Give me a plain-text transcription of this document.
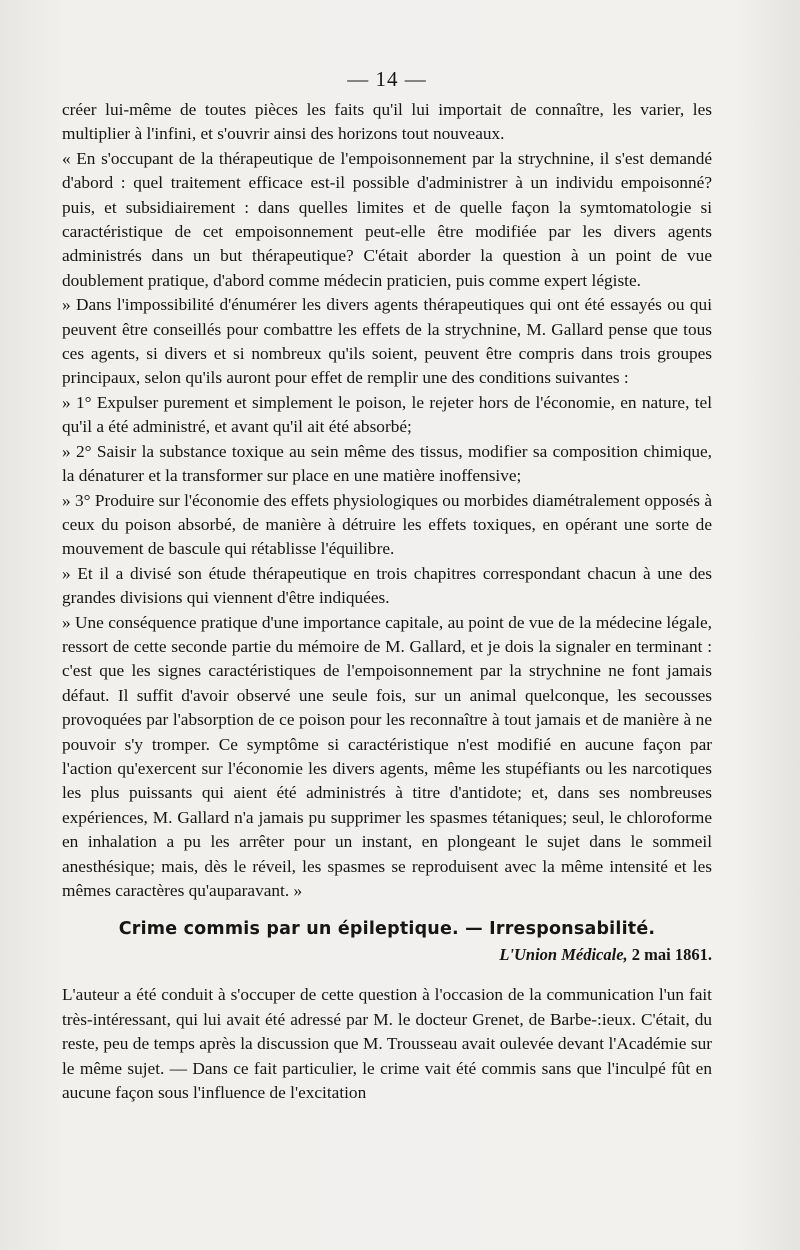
— 14 —

créer lui-même de toutes pièces les faits qu'il lui importait de connaître, les varier, les multiplier à l'infini, et s'ouvrir ainsi des horizons tout nouveaux.

« En s'occupant de la thérapeutique de l'empoisonnement par la strychnine, il s'est demandé d'abord : quel traitement efficace est-il possible d'administrer à un individu empoisonné? puis, et subsidiairement : dans quelles limites et de quelle façon la symtomatologie si caractéristique de cet empoisonnement peut-elle être modifiée par les divers agents administrés dans un but thérapeutique? C'était aborder la question à un point de vue doublement pratique, d'abord comme médecin praticien, puis comme expert légiste.

» Dans l'impossibilité d'énumérer les divers agents thérapeutiques qui ont été essayés ou qui peuvent être conseillés pour combattre les effets de la strychnine, M. Gallard pense que tous ces agents, si divers et si nombreux qu'ils soient, peuvent être compris dans trois groupes principaux, selon qu'ils auront pour effet de remplir une des conditions suivantes :

» 1° Expulser purement et simplement le poison, le rejeter hors de l'économie, en nature, tel qu'il a été administré, et avant qu'il ait été absorbé;

» 2° Saisir la substance toxique au sein même des tissus, modifier sa composition chimique, la dénaturer et la transformer sur place en une matière inoffensive;

» 3° Produire sur l'économie des effets physiologiques ou morbides diamétralement opposés à ceux du poison absorbé, de manière à détruire les effets toxiques, en opérant une sorte de mouvement de bascule qui rétablisse l'équilibre.

» Et il a divisé son étude thérapeutique en trois chapitres correspondant chacun à une des grandes divisions qui viennent d'être indiquées.

» Une conséquence pratique d'une importance capitale, au point de vue de la médecine légale, ressort de cette seconde partie du mémoire de M. Gallard, et je dois la signaler en terminant : c'est que les signes caractéristiques de l'empoisonnement par la strychnine ne font jamais défaut. Il suffit d'avoir observé une seule fois, sur un animal quelconque, les secousses provoquées par l'absorption de ce poison pour les reconnaître à tout jamais et de manière à ne pouvoir s'y tromper. Ce symptôme si caractéristique n'est modifié en aucune façon par l'action qu'exercent sur l'économie les divers agents, même les stupéfiants ou les narcotiques les plus puissants qui aient été administrés à titre d'antidote; et, dans ses nombreuses expériences, M. Gallard n'a jamais pu supprimer les spasmes tétaniques; seul, le chloroforme en inhalation a pu les arrêter pour un instant, en plongeant le sujet dans le sommeil anesthésique; mais, dès le réveil, les spasmes se reproduisent avec la même intensité et les mêmes caractères qu'auparavant. »

Crime commis par un épileptique. — Irresponsabilité.
L'Union Médicale, 2 mai 1861.

L'auteur a été conduit à s'occuper de cette question à l'occasion de la communication l'un fait très-intéressant, qui lui avait été adressé par M. le docteur Grenet, de Barbe-:ieux. C'était, du reste, peu de temps après la discussion que M. Trousseau avait oulevée devant l'Académie sur le même sujet. — Dans ce fait particulier, le crime vait été commis sans que l'inculpé fût en aucune façon sous l'influence de l'excitation
